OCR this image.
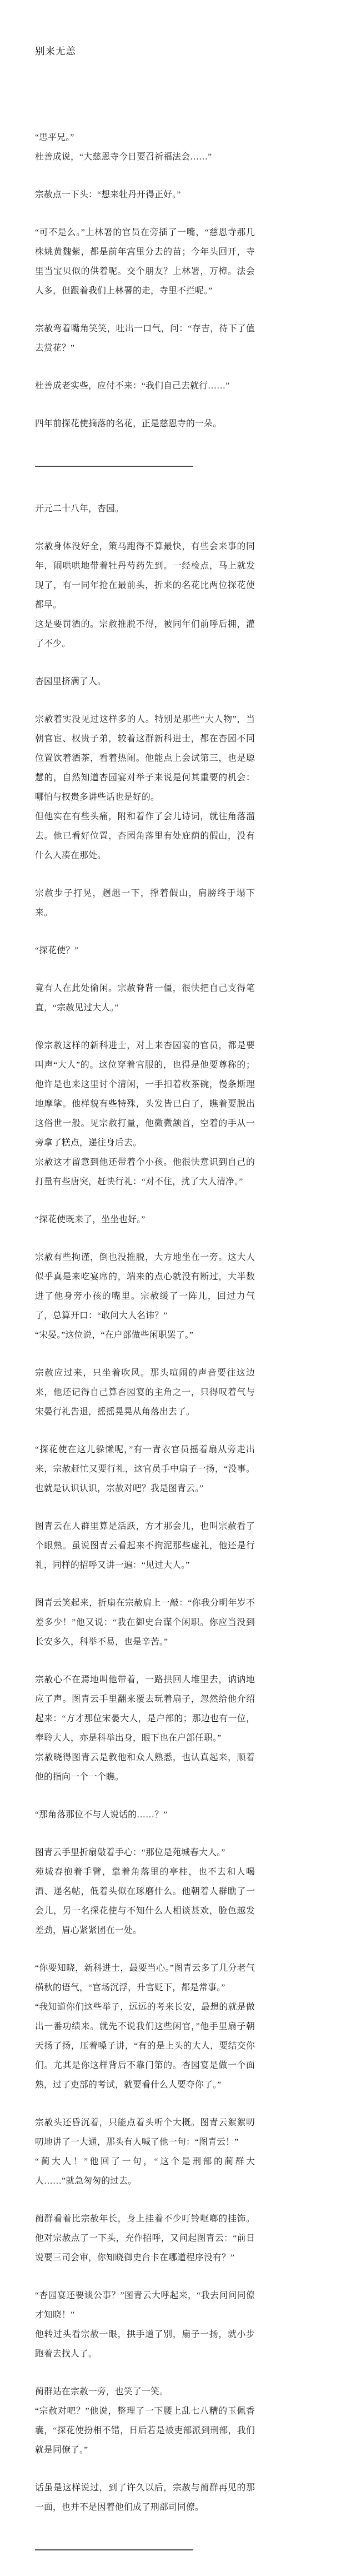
别来无恙

“思平兄。”

杜善成说，“大慈恩寺今日要召祈福法会……”

宗赦点一下头：“想来牡丹开得正好。”

“可不是么。”上林署的官员在旁插了一嘴，“慈恩寺那几株姚黄魏紫，都是前年宫里分去的苗；今年头回开，寺里当宝贝似的供着呢。交个朋友？上林署，万樟。法会人多，但跟着我们上林署的走，寺里不拦呢。”

宗赦弯着嘴角笑笑，吐出一口气，问：“存吉，待下了值去赏花？”

杜善成老实些，应付不来：“我们自己去就行……”

四年前探花使摘落的名花，正是慈恩寺的一朵。

开元二十八年，杏园。

宗赦身体没好全，策马跑得不算最快，有些会来事的同年，闹哄哄地带着牡丹芍药先到。一经检点，马上就发现了，有一同年抢在最前头，折来的名花比两位探花使都早。

这是要罚酒的。宗赦推脱不得，被同年们前呼后拥，灌了不少。

杏园里挤满了人。

宗赦着实没见过这样多的人。特别是那些“大人物”，当朝官宦、权贵子弟，较着这群新科进士，都在杏园不同位置饮着酒茶，看着热闹。他能点上会试第三，也是聪慧的，自然知道杏园宴对举子来说是何其重要的机会：哪怕与权贵多讲些话也是好的。

但他实在有些头痛，附和着作了会儿诗词，就往角落溜去。他已看好位置，杏园角落里有处庇荫的假山，没有什么人凑在那处。

宗赦步子打晃，趔趄一下，撑着假山，肩膀终于塌下来。

“探花使？”

竟有人在此处偷闲。宗赦脊背一僵，很快把自己支得笔直，“宗赦见过大人。”

像宗赦这样的新科进士，对上来杏园宴的官员，都是要叫声“大人”的。这位穿着官服的，也得是他要尊称的；他许是也来这里讨个清闲，一手扣着枚茶碗，慢条斯理地摩挲。他样貌有些特殊，头发皆已白了，瞧着要脱出这俗世一般。见宗赦打量，他微微颔首，空着的手从一旁拿了糕点，递往身后去。

宗赦这才留意到他还带着个小孩。他很快意识到自己的打量有些唐突，赶快行礼：“对不住，扰了大人清净。”

“探花使既来了，坐坐也好。”

宗赦有些拘谨，倒也没推脱，大方地坐在一旁。这大人似乎真是来吃宴席的，端来的点心就没有断过，大半数进了他身旁小孩的嘴里。宗赦缓了一阵儿，回过力气了，总算开口：“敢问大人名讳？”

“宋晏。”这位说，“在户部做些闲职罢了。”

宗赦应过来，只坐着吹风。那头喧闹的声音要往这边来，他还记得自己算杏园宴的主角之一，只得叹着气与宋晏行礼告退，摇摇晃晃从角落出去了。

“探花使在这儿躲懒呢，”有一青衣官员摇着扇从旁走出来，宗赦赶忙又要行礼，这官员手中扇子一扬，“没事。也就是认识认识，宗赦对吧？我是图青云。”

图青云在人群里算是活跃，方才那会儿，也叫宗赦看了个眼熟。虽说图青云看起来不拘泥那些虚礼，他还是行礼，同样的招呼又讲一遍：“见过大人。”

图青云笑起来，折扇在宗赦肩上一敲：“你我分明年岁不差多少！”他又说：“我在御史台谋个闲职。你应当没到长安多久，科举不易，也是辛苦。”

宗赦心不在焉地叫他带着，一路拱回人堆里去，讷讷地应了声。图青云手里翻来覆去玩着扇子，忽然给他介绍起来：“方才那位宋晏大人，是户部的；那边也有一位，奉聆大人，亦是科举出身，眼下也在户部任职。”

宗赦晓得图青云是教他和众人熟悉，也认真起来，顺着他的指向一个一个瞧。

“那角落那位不与人说话的……？”

图青云手里折扇敲着手心：“那位是苑城春大人。”

苑城春抱着手臂，靠着角落里的亭柱，也不去和人喝酒、递名帖，低着头似在琢磨什么。他朝着人群瞧了一会儿，另一名探花使与不知什么人相谈甚欢，脸色越发差劲，眉心紧紧团在一处。

“你要知晓，新科进士，最要当心。”图青云多了几分老气横秋的语气，“官场沉浮，升官贬下，都是常事。”

“我知道你们这些举子，远远的考来长安，最想的就是做出一番功绩来。就先不说我们这些闲官，”他手里扇子朝天扬了扬，压着嗓子讲，“有的是上头的大人，要结交你们。尤其是你这样背后不靠门第的。杏园宴是做一个面熟，过了吏部的考试，就要看什么人要夺你了。”

宗赦头还昏沉着，只能点着头听个大概。图青云絮絮叨叨地讲了一大通，那头有人喊了他一句：“图青云！”

“蔺大人！”他回了一句，“这个是刑部的蔺群大人……”就急匆匆的过去。

蔺群看着比宗赦年长，身上挂着不少叮铃哐啷的挂饰。他对宗赦点了一下头，充作招呼，又问起图青云：“前日说要三司会审，你知晓御史台卡在哪道程序没有？”

“杏园宴还要谈公事？”图青云大呼起来，“我去问问同僚才知晓！”

他转过头看宗赦一眼，拱手道了别，扇子一扬，就小步跑着去找人了。

蔺群站在宗赦一旁，也笑了一笑。

“宗赦对吧？”他说，整理了一下腰上乱七八糟的玉佩香囊，“探花使扮相不错，日后若是被吏部派到刑部，我们就是同僚了。”

话虽是这样说过，到了许久以后，宗赦与蔺群再见的那一面，也并不是因着他们成了刑部司同僚。
